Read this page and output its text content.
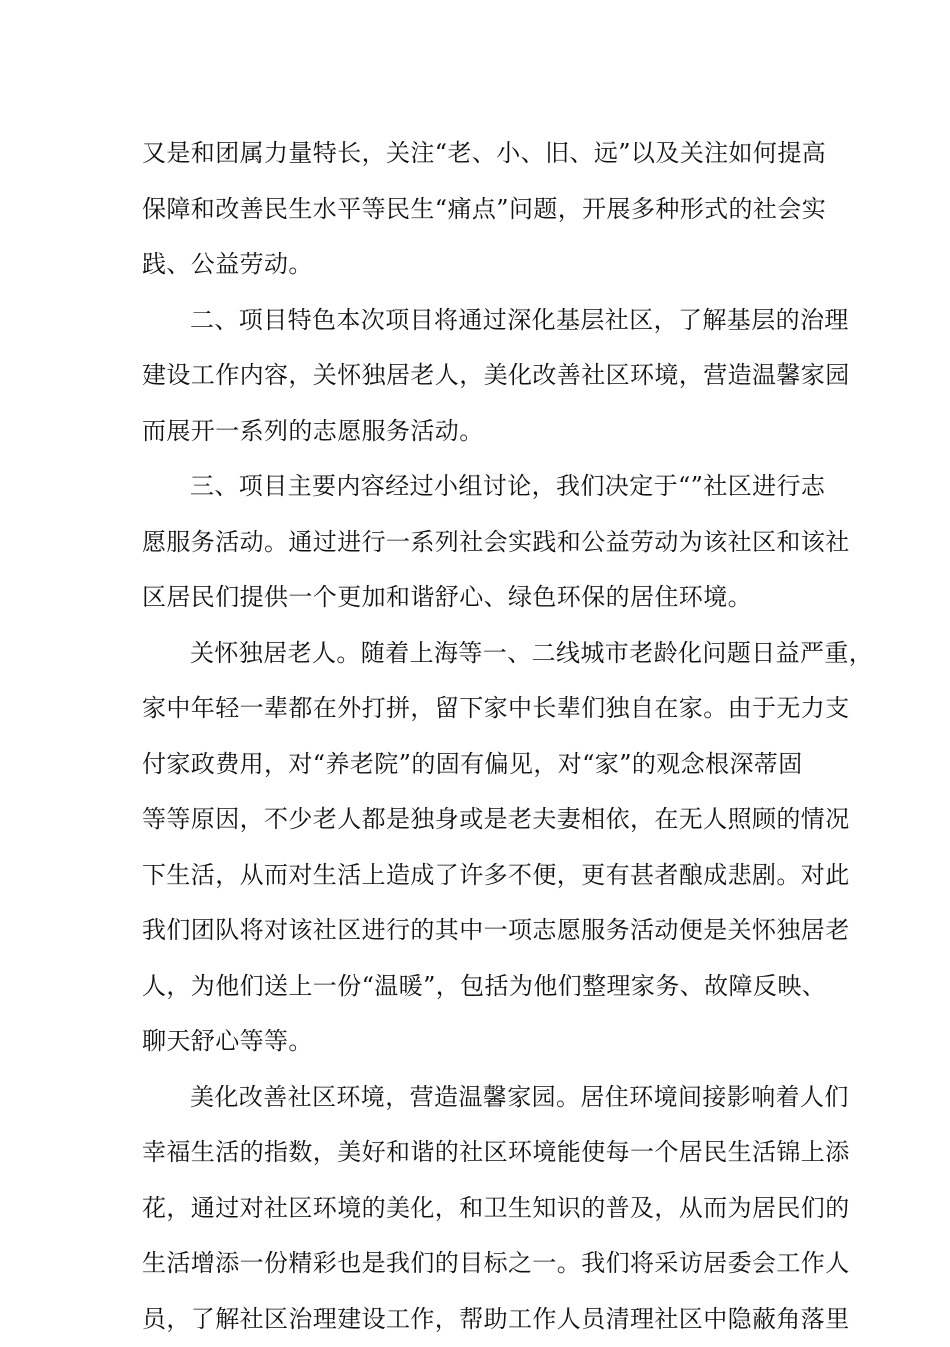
又是和团属力量特长，关注“老、小、旧、远”以及关注如何提高
保障和改善民生水平等民生“痛点”问题，开展多种形式的社会实
践、公益劳动。
二、项目特色本次项目将通过深化基层社区，了解基层的治理
建设工作内容，关怀独居老人，美化改善社区环境，营造温馨家园
而展开一系列的志愿服务活动。
三、项目主要内容经过小组讨论，我们决定于“”社区进行志
愿服务活动。通过进行一系列社会实践和公益劳动为该社区和该社
区居民们提供一个更加和谐舒心、绿色环保的居住环境。
关怀独居老人。随着上海等一、二线城市老龄化问题日益严重，
家中年轻一辈都在外打拼，留下家中长辈们独自在家。由于无力支
付家政费用，对“养老院”的固有偏见，对“家”的观念根深蒂固
等等原因，不少老人都是独身或是老夫妻相依，在无人照顾的情况
下生活，从而对生活上造成了许多不便，更有甚者酿成悲剧。对此
我们团队将对该社区进行的其中一项志愿服务活动便是关怀独居老
人，为他们送上一份“温暖”，包括为他们整理家务、故障反映、
聊天舒心等等。
美化改善社区环境，营造温馨家园。居住环境间接影响着人们
幸福生活的指数，美好和谐的社区环境能使每一个居民生活锦上添
花，通过对社区环境的美化，和卫生知识的普及，从而为居民们的
生活增添一份精彩也是我们的目标之一。我们将采访居委会工作人
员，了解社区治理建设工作，帮助工作人员清理社区中隐蔽角落里
